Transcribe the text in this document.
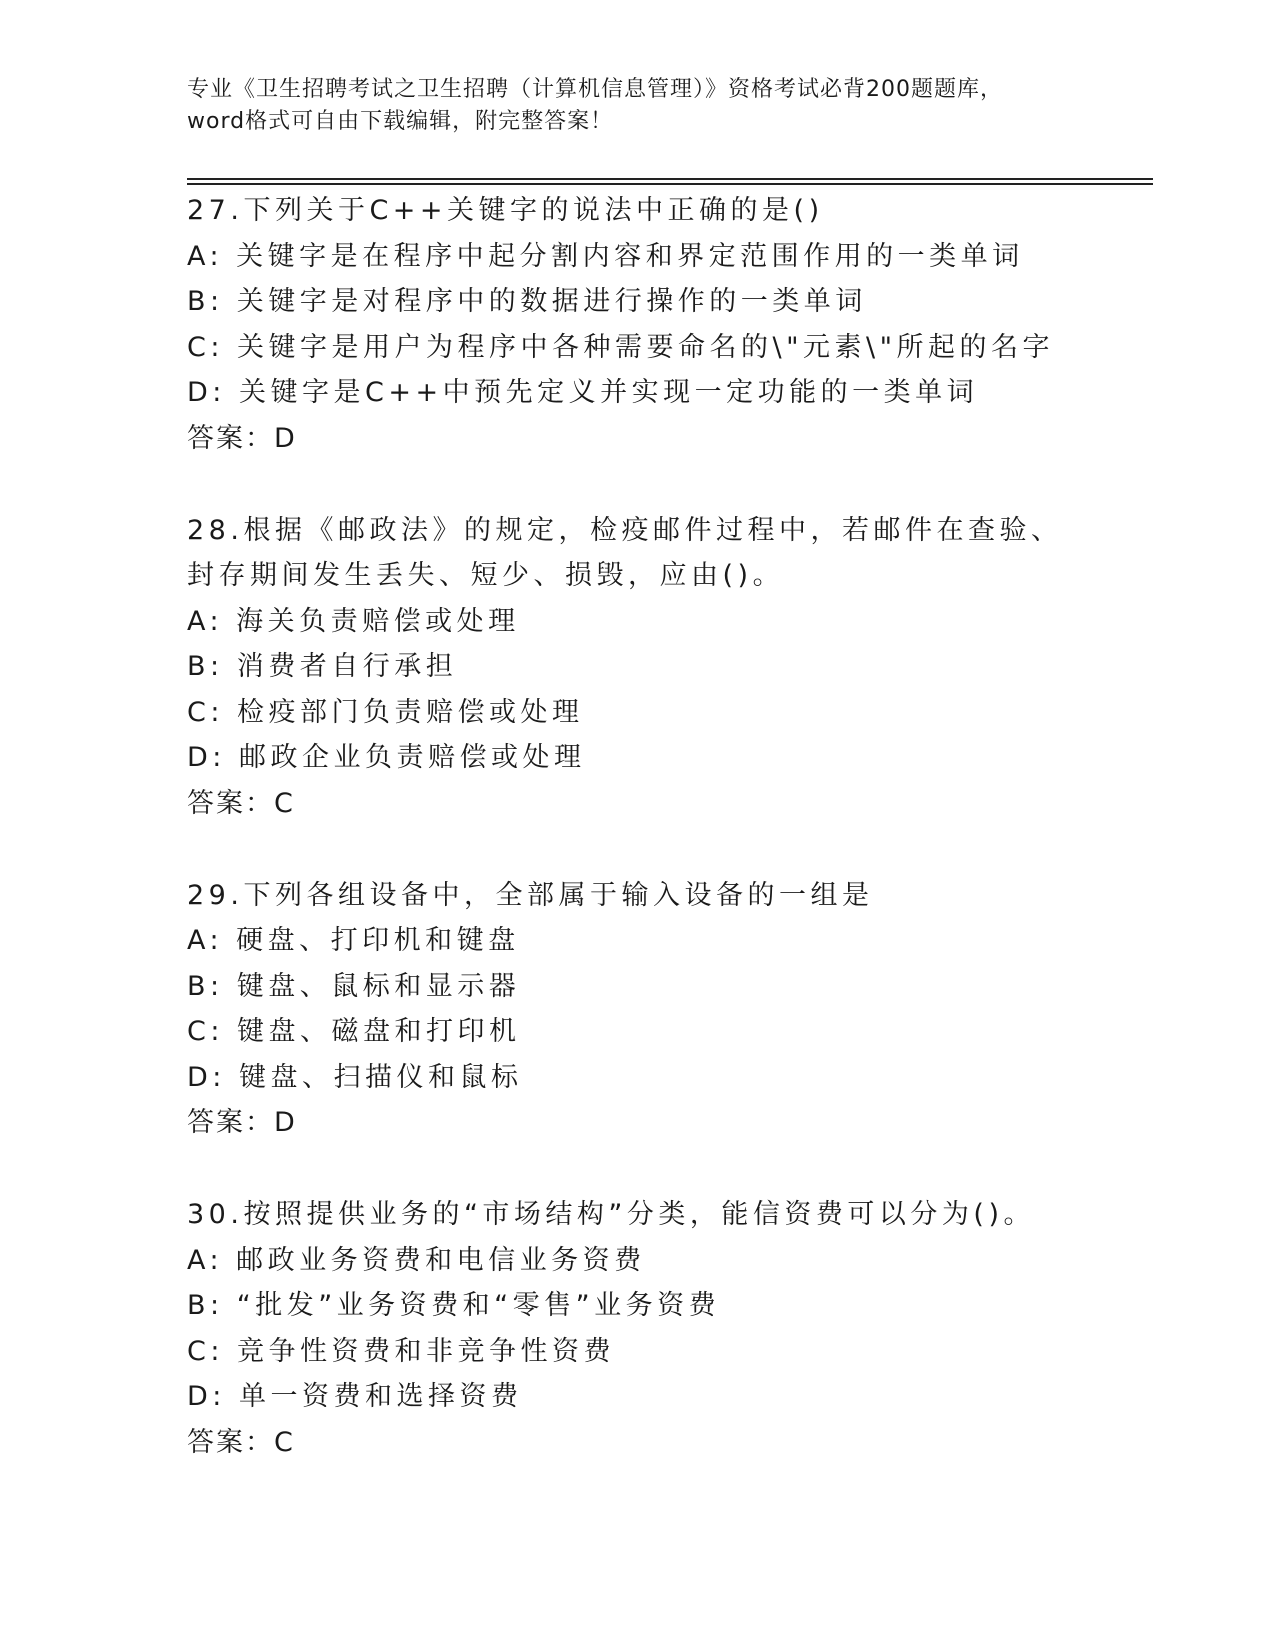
专业《卫生招聘考试之卫生招聘（计算机信息管理）》资格考试必背200题题库，
word格式可自由下载编辑，附完整答案！
27.下列关于C++关键字的说法中正确的是()
A: 关键字是在程序中起分割内容和界定范围作用的一类单词
B: 关键字是对程序中的数据进行操作的一类单词
C: 关键字是用户为程序中各种需要命名的\"元素\"所起的名字
D: 关键字是C++中预先定义并实现一定功能的一类单词
答案：D
28.根据《邮政法》的规定，检疫邮件过程中，若邮件在查验、封存期间发生丢失、短少、损毁，应由()。
A: 海关负责赔偿或处理
B: 消费者自行承担
C: 检疫部门负责赔偿或处理
D: 邮政企业负责赔偿或处理
答案：C
29.下列各组设备中，全部属于输入设备的一组是
A: 硬盘、打印机和键盘
B: 键盘、鼠标和显示器
C: 键盘、磁盘和打印机
D: 键盘、扫描仪和鼠标
答案：D
30.按照提供业务的“市场结构”分类，能信资费可以分为()。
A: 邮政业务资费和电信业务资费
B: “批发”业务资费和“零售”业务资费
C: 竞争性资费和非竞争性资费
D: 单一资费和选择资费
答案：C
